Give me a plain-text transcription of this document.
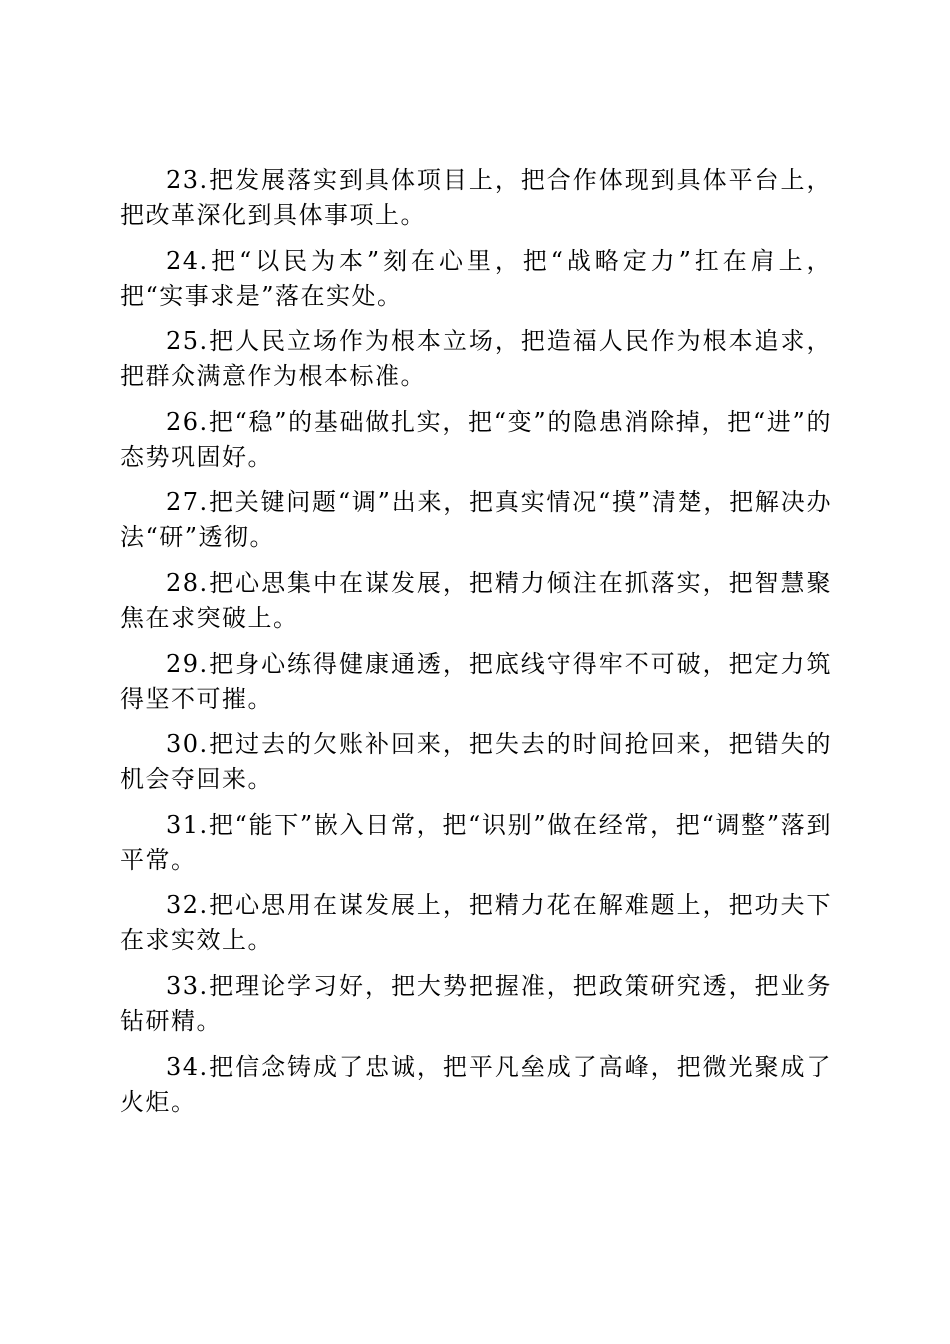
23.把发展落实到具体项目上，把合作体现到具体平台上，把改革深化到具体事项上。

24.把“以民为本”刻在心里，把“战略定力”扛在肩上，把“实事求是”落在实处。

25.把人民立场作为根本立场，把造福人民作为根本追求，把群众满意作为根本标准。

26.把“稳”的基础做扎实，把“变”的隐患消除掉，把“进”的态势巩固好。

27.把关键问题“调”出来，把真实情况“摸”清楚，把解决办法“研”透彻。

28.把心思集中在谋发展，把精力倾注在抓落实，把智慧聚焦在求突破上。

29.把身心练得健康通透，把底线守得牢不可破，把定力筑得坚不可摧。

30.把过去的欠账补回来，把失去的时间抢回来，把错失的机会夺回来。

31.把“能下”嵌入日常，把“识别”做在经常，把“调整”落到平常。

32.把心思用在谋发展上，把精力花在解难题上，把功夫下在求实效上。

33.把理论学习好，把大势把握准，把政策研究透，把业务钻研精。

34.把信念铸成了忠诚，把平凡垒成了高峰，把微光聚成了火炬。
